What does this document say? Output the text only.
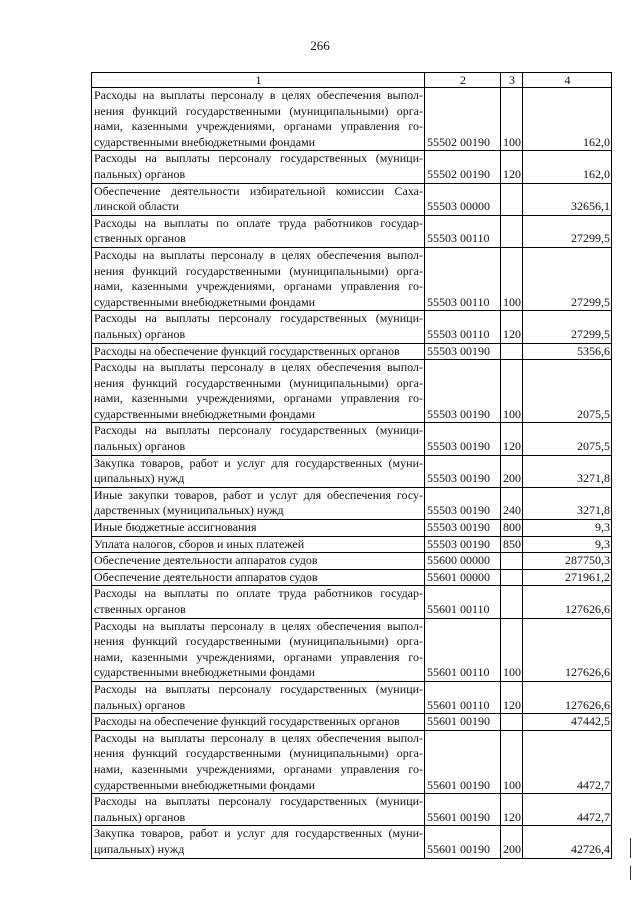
266
1	2	3	4
Расходы на выплаты персоналу в целях обеспечения выпол-нения функций государственными (муниципальными) орга-нами, казенными учреждениями, органами управления го-сударственными внебюджетными фондами	55502 00190	100	162,0
Расходы на выплаты персоналу государственных (муници-пальных) органов	55502 00190	120	162,0
Обеспечение деятельности избирательной комиссии Саха-линской области	55503 00000		32656,1
Расходы на выплаты по оплате труда работников государ-ственных органов	55503 00110		27299,5
Расходы на выплаты персоналу в целях обеспечения выпол-нения функций государственными (муниципальными) орга-нами, казенными учреждениями, органами управления го-сударственными внебюджетными фондами	55503 00110	100	27299,5
Расходы на выплаты персоналу государственных (муници-пальных) органов	55503 00110	120	27299,5
Расходы на обеспечение функций государственных органов	55503 00190		5356,6
Расходы на выплаты персоналу в целях обеспечения выпол-нения функций государственными (муниципальными) орга-нами, казенными учреждениями, органами управления го-сударственными внебюджетными фондами	55503 00190	100	2075,5
Расходы на выплаты персоналу государственных (муници-пальных) органов	55503 00190	120	2075,5
Закупка товаров, работ и услуг для государственных (муни-ципальных) нужд	55503 00190	200	3271,8
Иные закупки товаров, работ и услуг для обеспечения госу-дарственных (муниципальных) нужд	55503 00190	240	3271,8
Иные бюджетные ассигнования	55503 00190	800	9,3
Уплата налогов, сборов и иных платежей	55503 00190	850	9,3
Обеспечение деятельности аппаратов судов	55600 00000		287750,3
Обеспечение деятельности аппаратов судов	55601 00000		271961,2
Расходы на выплаты по оплате труда работников государ-ственных органов	55601 00110		127626,6
Расходы на выплаты персоналу в целях обеспечения выпол-нения функций государственными (муниципальными) орга-нами, казенными учреждениями, органами управления го-сударственными внебюджетными фондами	55601 00110	100	127626,6
Расходы на выплаты персоналу государственных (муници-пальных) органов	55601 00110	120	127626,6
Расходы на обеспечение функций государственных органов	55601 00190		47442,5
Расходы на выплаты персоналу в целях обеспечения выпол-нения функций государственными (муниципальными) орга-нами, казенными учреждениями, органами управления го-сударственными внебюджетными фондами	55601 00190	100	4472,7
Расходы на выплаты персоналу государственных (муници-пальных) органов	55601 00190	120	4472,7
Закупка товаров, работ и услуг для государственных (муни-ципальных) нужд	55601 00190	200	42726,4
